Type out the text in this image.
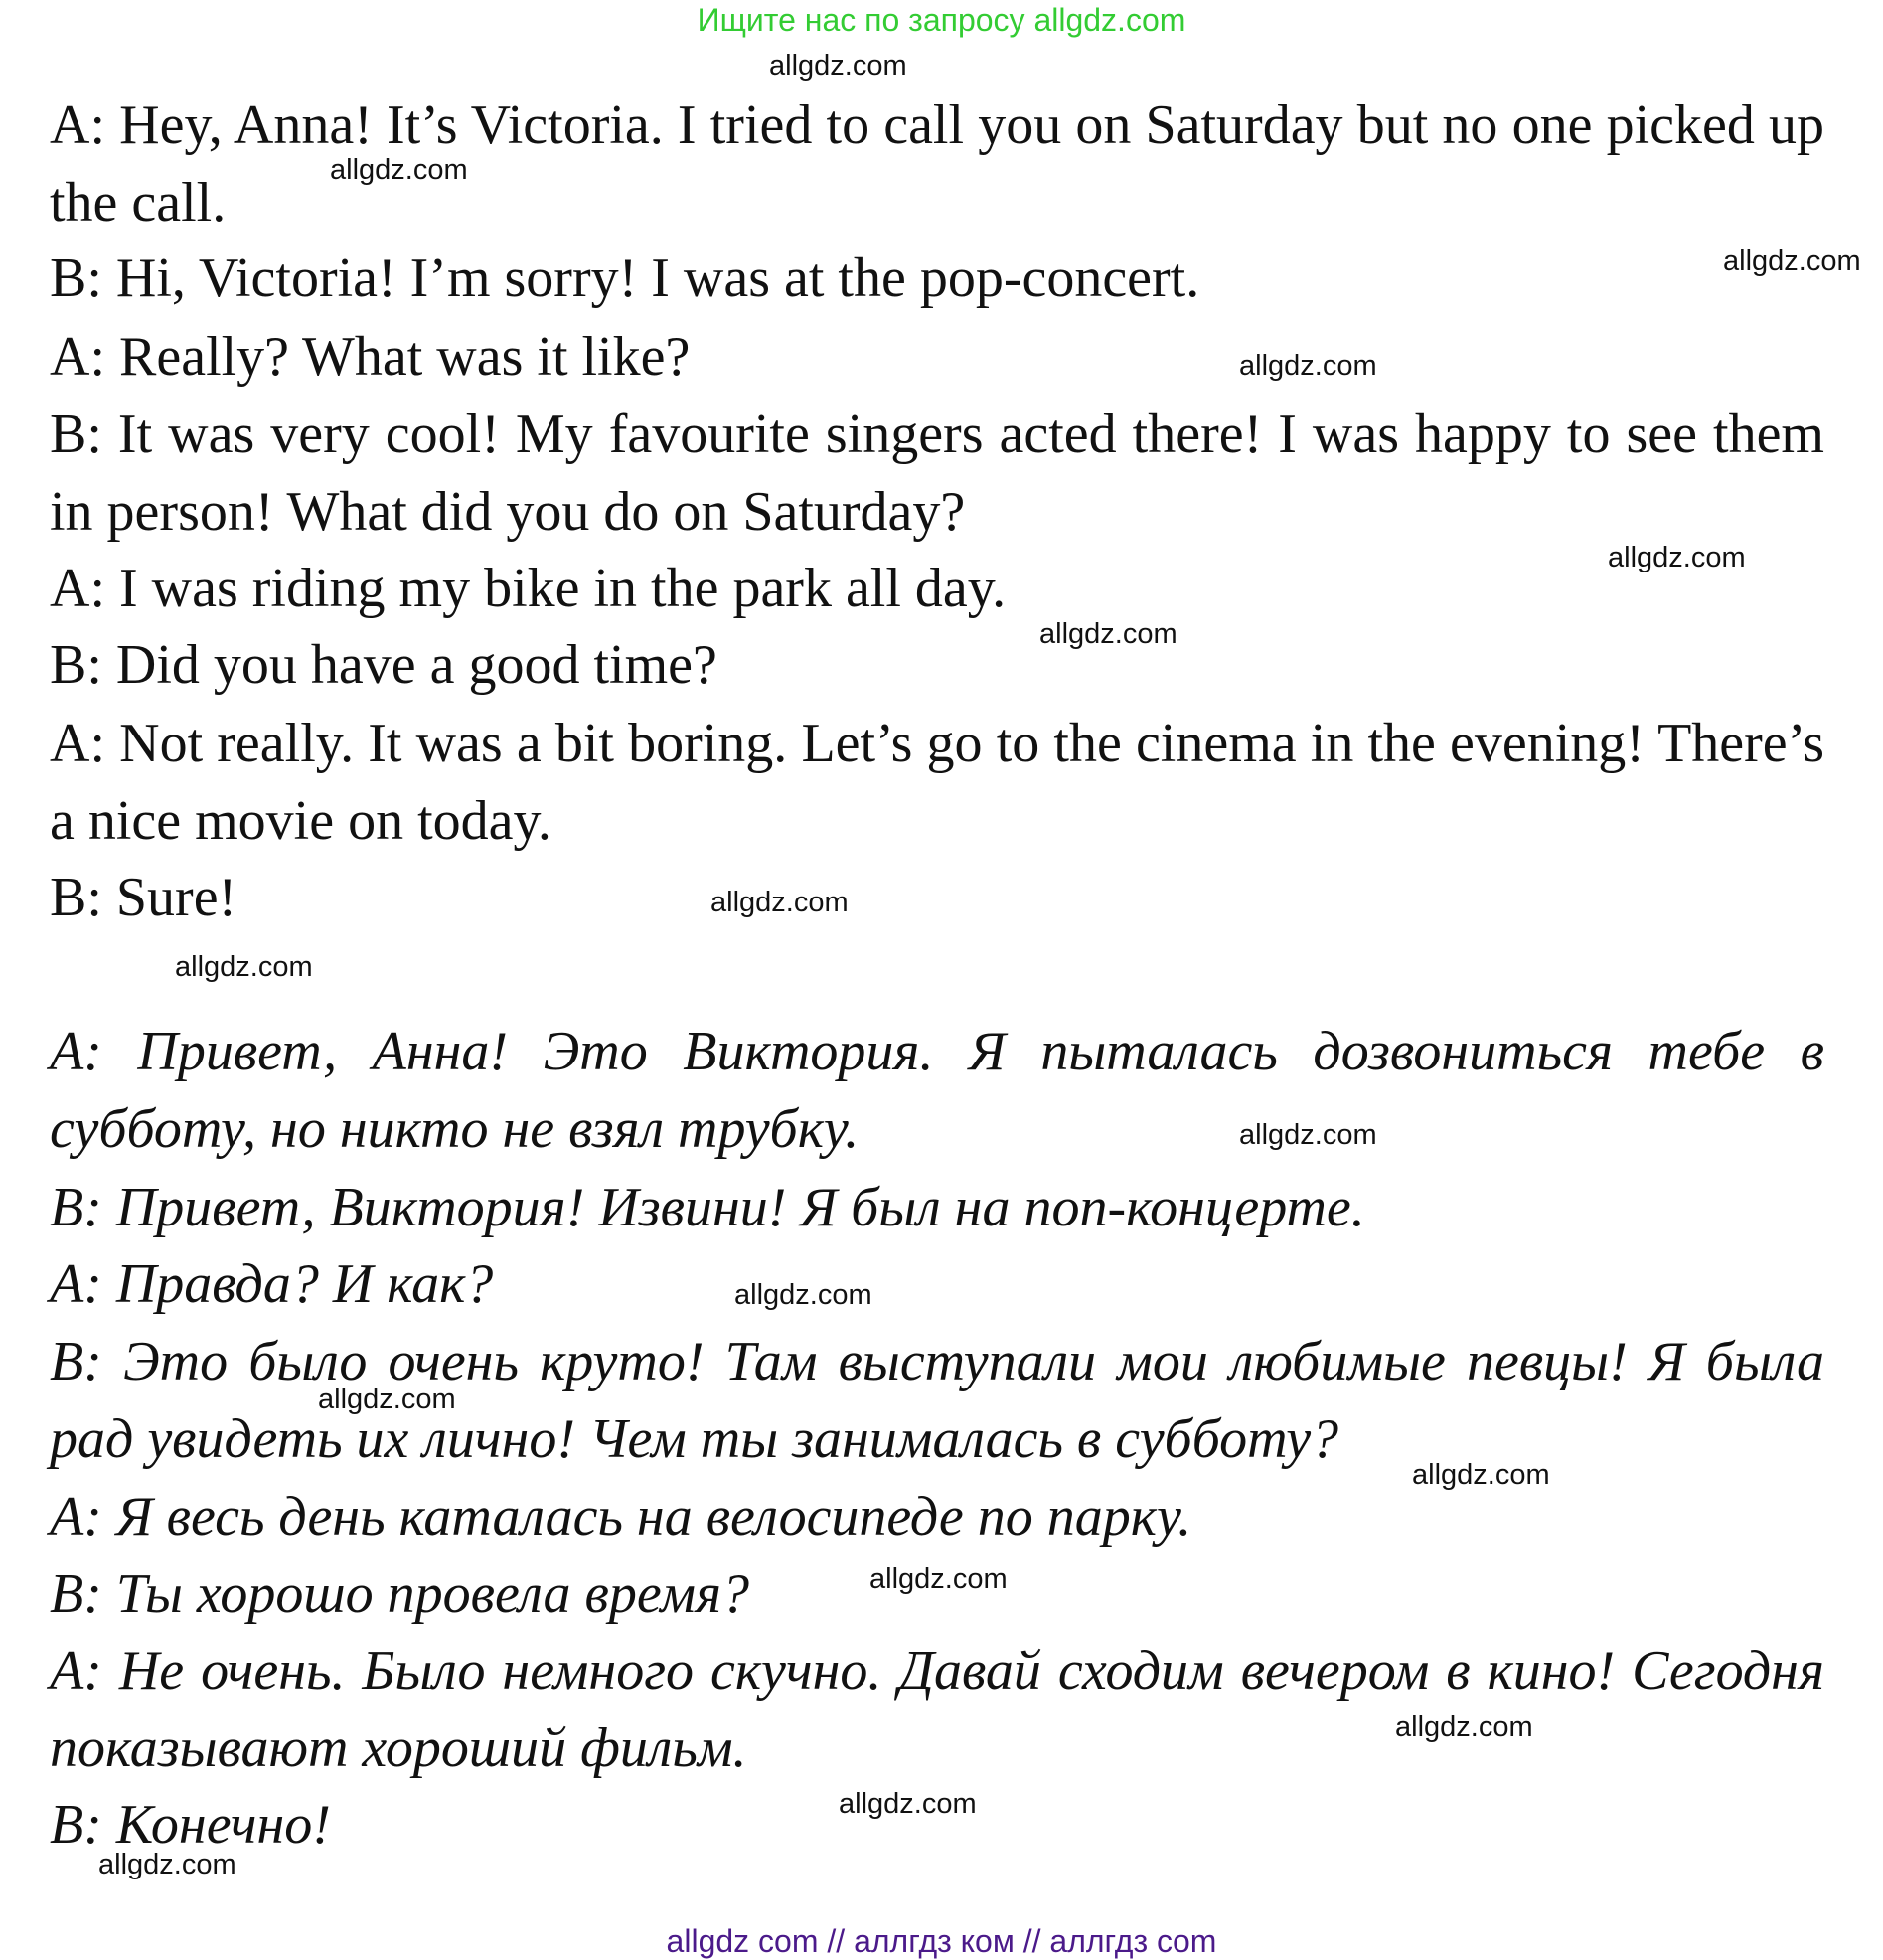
Ищите нас по запросу allgdz.com
A: Hey, Anna! It’s Victoria. I tried to call you on Saturday but no one picked up the call.
B: Hi, Victoria! I’m sorry! I was at the pop-concert.
A: Really? What was it like?
B: It was very cool! My favourite singers acted there! I was happy to see them in person! What did you do on Saturday?
A: I was riding my bike in the park all day.
B: Did you have a good time?
A: Not really. It was a bit boring. Let’s go to the cinema in the evening! There’s a nice movie on today.
B: Sure!
A: Привет, Анна! Это Виктория. Я пыталась дозвониться тебе в субботу, но никто не взял трубку.
B: Привет, Виктория! Извини! Я был на поп-концерте.
A: Правда? И как?
B: Это было очень круто! Там выступали мои любимые певцы! Я была рад увидеть их лично! Чем ты занималась в субботу?
A: Я весь день каталась на велосипеде по парку.
B: Ты хорошо провела время?
A: Не очень. Было немного скучно. Давай сходим вечером в кино! Сегодня показывают хороший фильм.
B: Конечно!
allgdz.com
allgdz.com
allgdz.com
allgdz.com
allgdz.com
allgdz.com
allgdz.com
allgdz.com
allgdz.com
allgdz.com
allgdz.com
allgdz.com
allgdz.com
allgdz.com
allgdz.com
allgdz.com
allgdz com // аллгдз ком // аллгдз com
